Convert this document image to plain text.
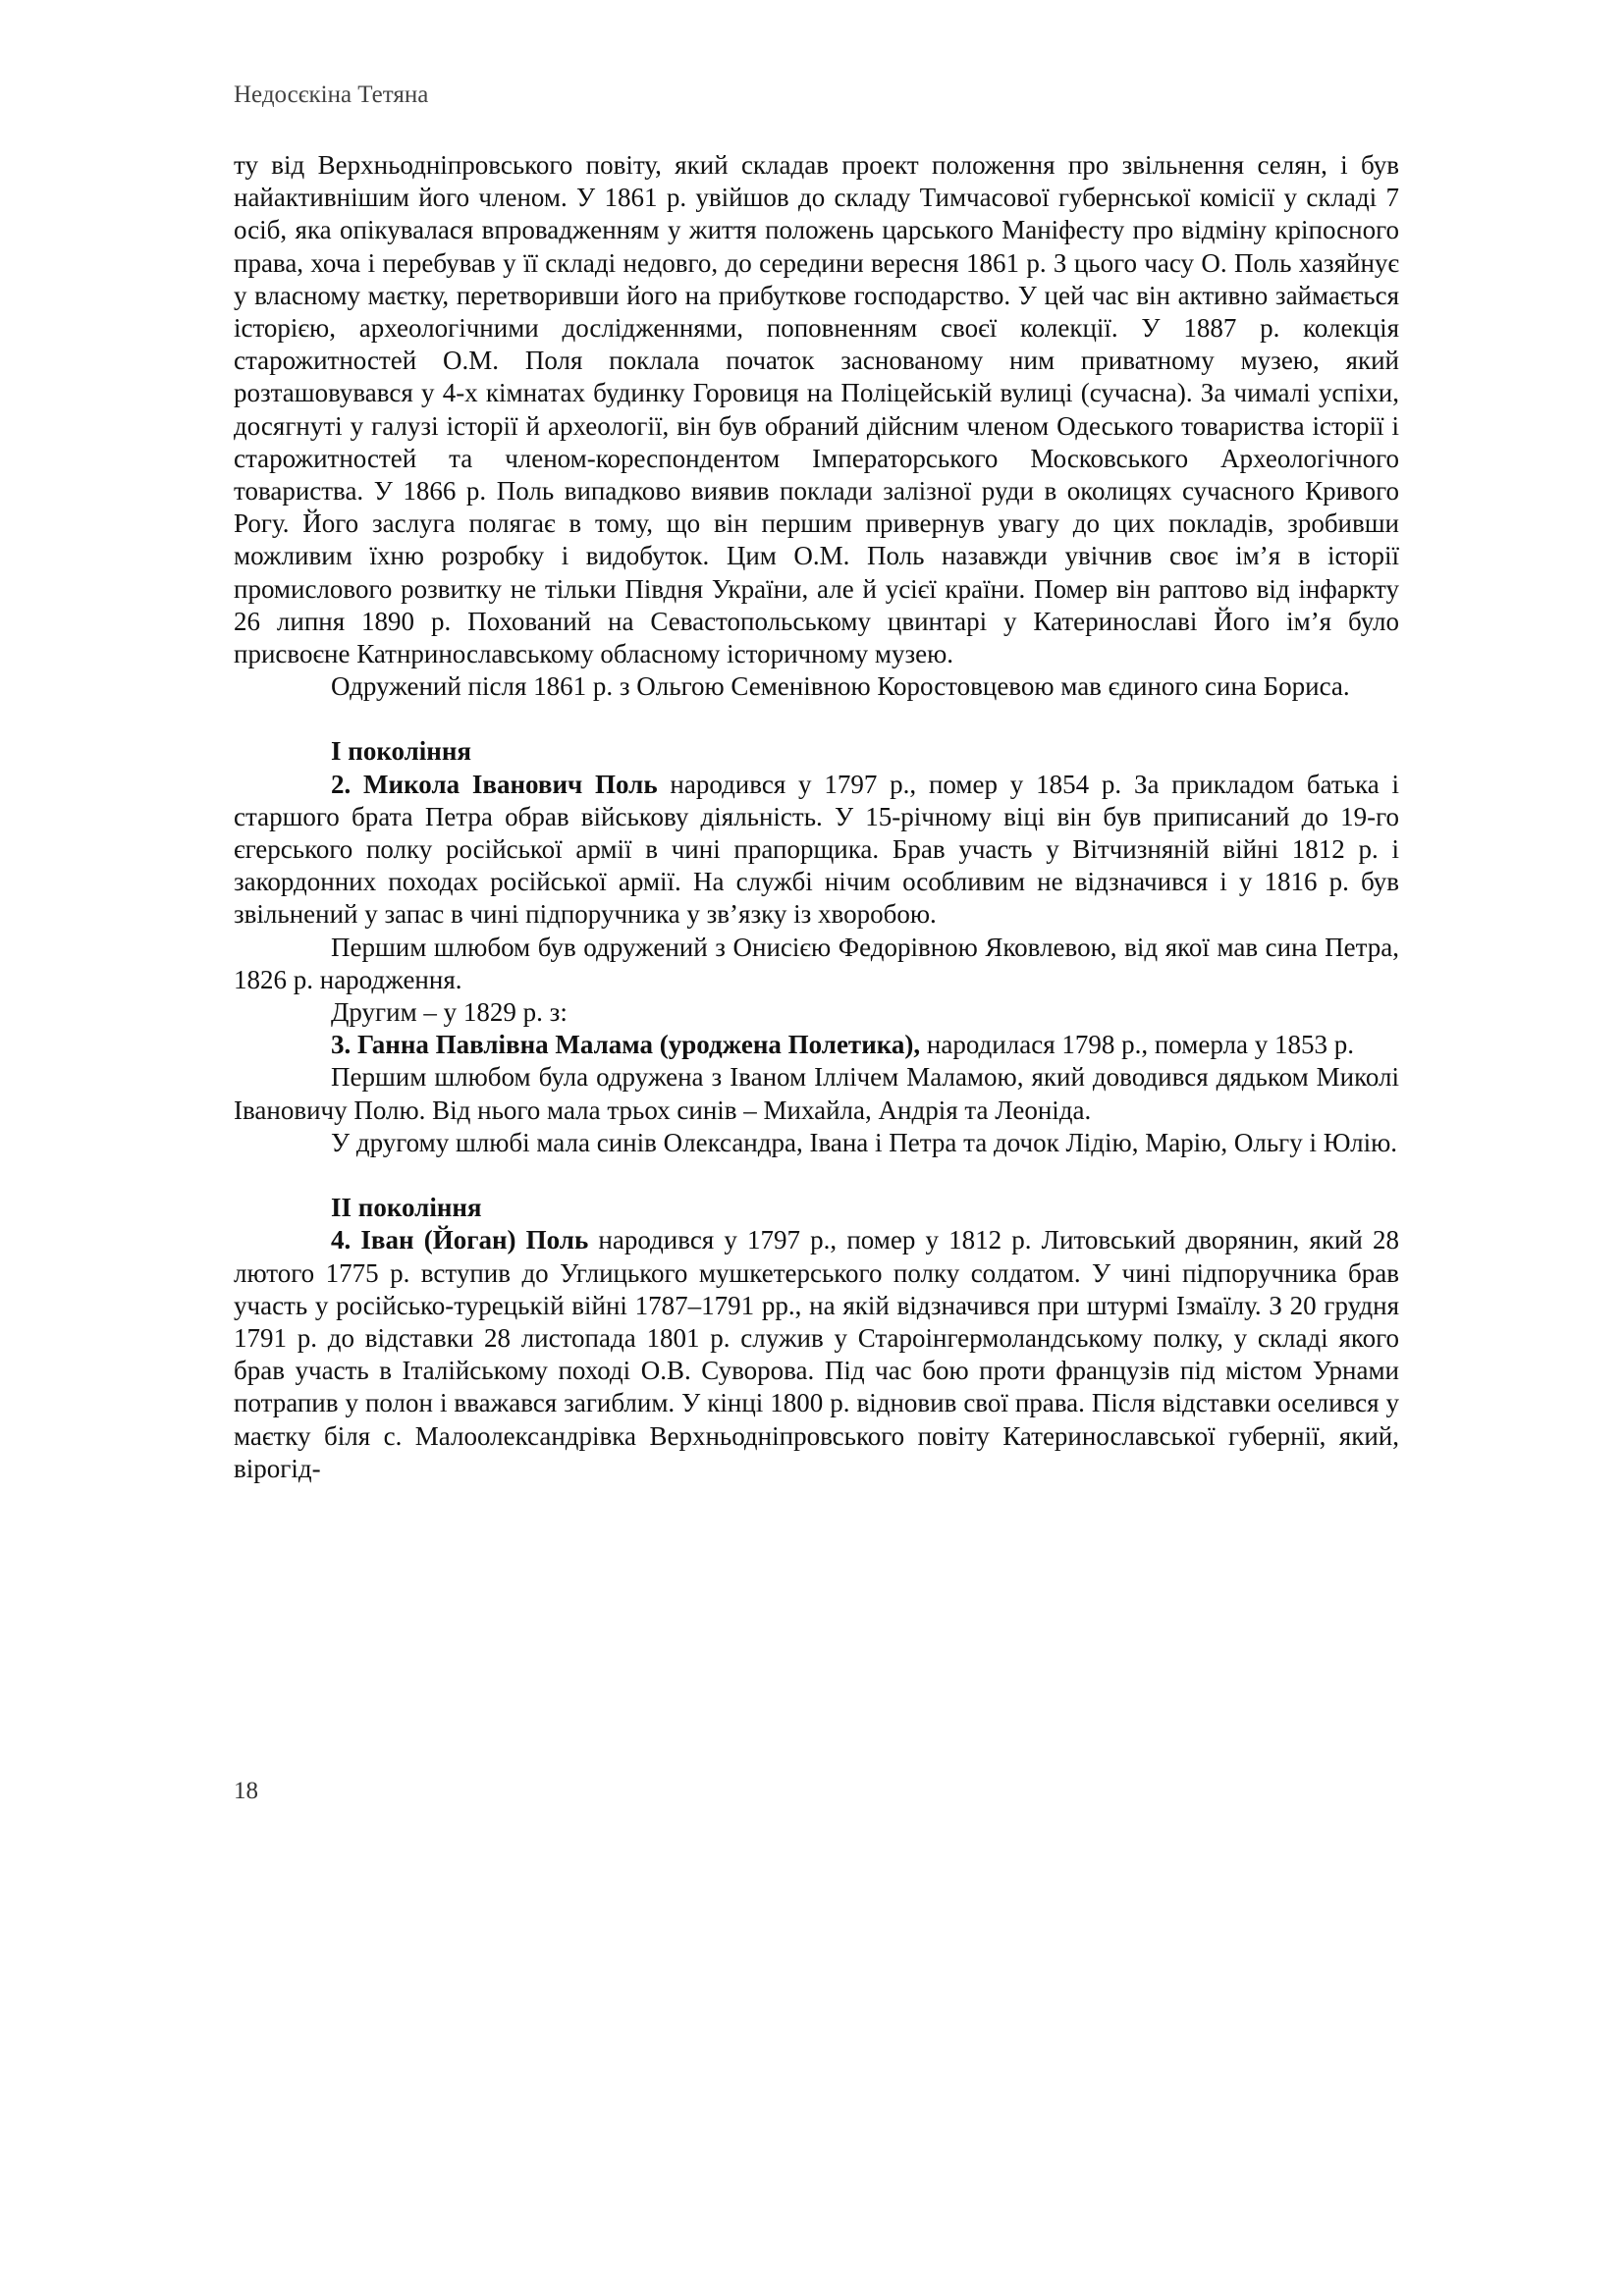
Недосєкіна Тетяна

ту від Верхньодніпровського повіту, який складав проект положення про звільнення селян, і був найактивнішим його членом. У 1861 р. увійшов до складу Тимчасової губернської комісії у складі 7 осіб, яка опікувалася впровадженням у життя положень царського Маніфесту про відміну кріпосного права, хоча і перебував у її складі недовго, до середини вересня 1861 р. З цього часу О. Поль хазяйнує у власному маєтку, перетворивши його на прибуткове господарство. У цей час він активно займається історією, археологічними дослідженнями, поповненням своєї колекції. У 1887 р. колекція старожитностей О.М. Поля поклала початок заснованому ним приватному музею, який розташовувався у 4-х кімнатах будинку Горовиця на Поліцейській вулиці (сучасна). За чималі успіхи, досягнуті у галузі історії й археології, він був обраний дійсним членом Одеського товариства історії і старожитностей та членом-кореспондентом Імператорського Московського Археологічного товариства. У 1866 р. Поль випадково виявив поклади залізної руди в околицях сучасного Кривого Рогу. Його заслуга полягає в тому, що він першим привернув увагу до цих покладів, зробивши можливим їхню розробку і видобуток. Цим О.М. Поль назавжди увічнив своє ім’я в історії промислового розвитку не тільки Півдня України, але й усієї країни. Помер він раптово від інфаркту 26 липня 1890 р. Похований на Севастопольському цвинтарі у Катеринославі Його ім’я було присвоєне Катнринославському обласному історичному музею.

Одружений після 1861 р. з Ольгою Семенівною Коростовцевою мав єдиного сина Бориса.

І покоління

2. Микола Іванович Поль народився у 1797 р., помер у 1854 р. За прикладом батька і старшого брата Петра обрав військову діяльність. У 15-річному віці він був приписаний до 19-го єгерського полку російської армії в чині прапорщика. Брав участь у Вітчизняній війні 1812 р. і закордонних походах російської армії. На службі нічим особливим не відзначився і у 1816 р. був звільнений у запас в чині підпоручника у зв’язку із хворобою.

Першим шлюбом був одружений з Онисією Федорівною Яковлевою, від якої мав сина Петра, 1826 р. народження.

Другим – у 1829 р. з:

3. Ганна Павлівна Малама (уроджена Полетика), народилася 1798 р., померла у 1853 р.

Першим шлюбом була одружена з Іваном Іллічем Маламою, який доводився дядьком Миколі Івановичу Полю. Від нього мала трьох синів – Михайла, Андрія та Леоніда.

У другому шлюбі мала синів Олександра, Івана і Петра та дочок Лідію, Марію, Ольгу і Юлію.

ІІ покоління

4. Іван (Йоган) Поль народився у 1797 р., помер у 1812 р. Литовський дворянин, який 28 лютого 1775 р. вступив до Углицького мушкетерського полку солдатом. У чині підпоручника брав участь у російсько-турецькій війні 1787–1791 рр., на якій відзначився при штурмі Ізмаїлу. З 20 грудня 1791 р. до відставки 28 листопада 1801 р. служив у Староінгермоландському полку, у складі якого брав участь в Італійському поході О.В. Суворова. Під час бою проти французів під містом Урнами потрапив у полон і вважався загиблим. У кінці 1800 р. відновив свої права. Після відставки оселився у маєтку біля с. Малоолександрівка Верхньодніпровського повіту Катеринославської губернії, який, вірогід-

18
